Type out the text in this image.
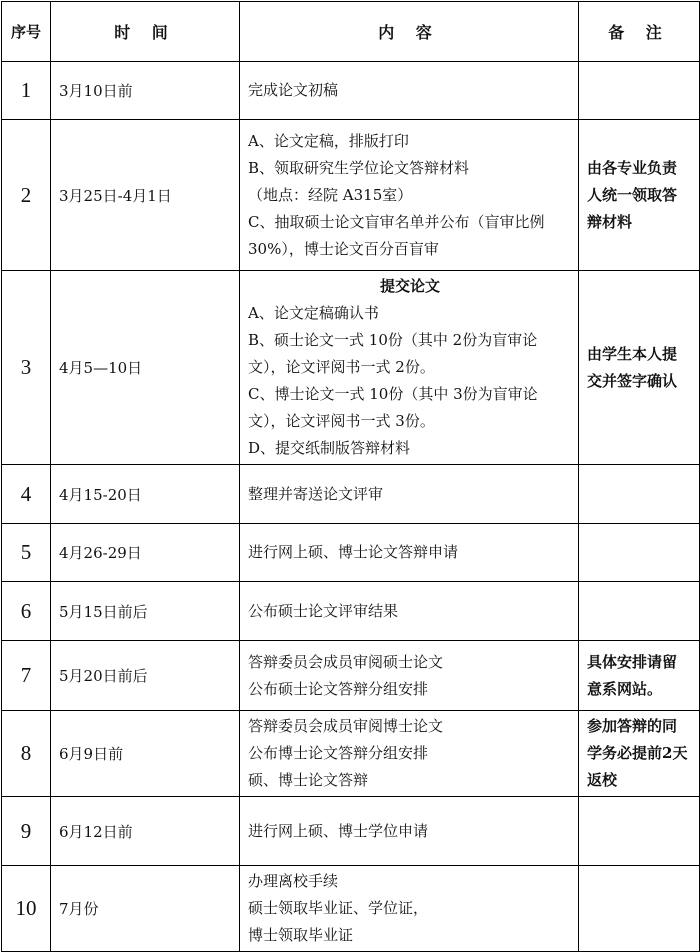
序号	时 间	内 容	备 注
1	3月10日前	完成论文初稿	

2	3月25日-4月1日	A、论文定稿，排版打印
B、领取研究生学位论文答辩材料
（地点：经院 A315室）
C、抽取硕士论文盲审名单并公布（盲审比例 30%），博士论文百分百盲审	由各专业负责人统一领取答辩材料

3	4月5—10日	提交论文
A、论文定稿确认书
B、硕士论文一式 10份（其中 2份为盲审论文），论文评阅书一式 2份。
C、博士论文一式 10份（其中 3份为盲审论文），论文评阅书一式 3份。
D、提交纸制版答辩材料	由学生本人提交并签字确认

4	4月15-20日	整理并寄送论文评审	

5	4月26-29日	进行网上硕、博士论文答辩申请	

6	5月15日前后	公布硕士论文评审结果	

7	5月20日前后	答辩委员会成员审阅硕士论文
公布硕士论文答辩分组安排	具体安排请留意系网站。

8	6月9日前	答辩委员会成员审阅博士论文
公布博士论文答辩分组安排
硕、博士论文答辩	参加答辩的同学务必提前2天返校

9	6月12日前	进行网上硕、博士学位申请	

10	7月份	办理离校手续
硕士领取毕业证、学位证，
博士领取毕业证	
